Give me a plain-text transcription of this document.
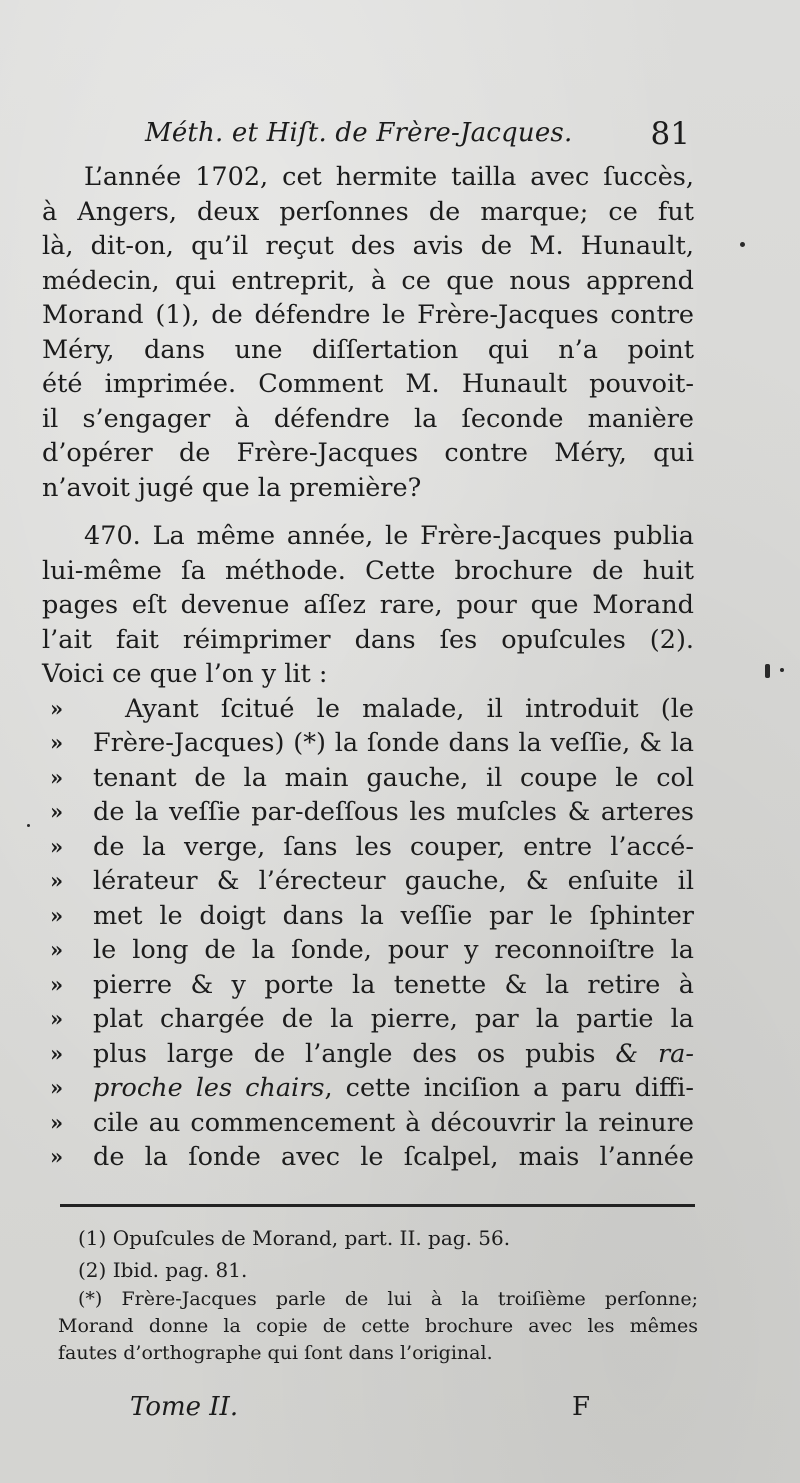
Méth. et Hiſt. de Frère-Jacques.	81
L’année 1702, cet hermite tailla avec ſuccès,
à Angers, deux perſonnes de marque; ce fut
là, dit-on, qu’il reçut des avis de M. Hunault,
médecin, qui entreprit, à ce que nous apprend
Morand (1), de défendre le Frère-Jacques contre
Méry, dans une diſſertation qui n’a point
été imprimée. Comment M. Hunault pouvoit-
il s’engager à défendre la ſeconde manière
d’opérer de Frère-Jacques contre Méry, qui
n’avoit jugé que la première?
470. La même année, le Frère-Jacques publia
lui-même ſa méthode. Cette brochure de huit
pages eſt devenue aſſez rare, pour que Morand
l’ait fait réimprimer dans ſes opuſcules (2).
Voici ce que l’on y lit :
»	Ayant ſcitué le malade, il introduit (le
»	Frère-Jacques) (*) la ſonde dans la veſſie, & la
»	tenant de la main gauche, il coupe le col
»	de la veſſie par-deſſous les muſcles & arteres
»	de la verge, ſans les couper, entre l’accé-
»	lérateur & l’érecteur gauche, & enſuite il
»	met le doigt dans la veſſie par le ſphinter
»	le long de la ſonde, pour y reconnoiſtre la
»	pierre & y porte la tenette & la retire à
»	plat chargée de la pierre, par la partie la
»	plus large de l’angle des os pubis & ra-
»	proche les chairs, cette inciſion a paru diffi-
»	cile au commencement à découvrir la reinure
»	de la ſonde avec le ſcalpel, mais l’année
(1) Opuſcules de Morand, part. II. pag. 56.
(2) Ibid. pag. 81.
(*) Frère-Jacques parle de lui à la troiſième perſonne;
Morand donne la copie de cette brochure avec les mêmes
fautes d’orthographe qui ſont dans l’original.
Tome II.	F
